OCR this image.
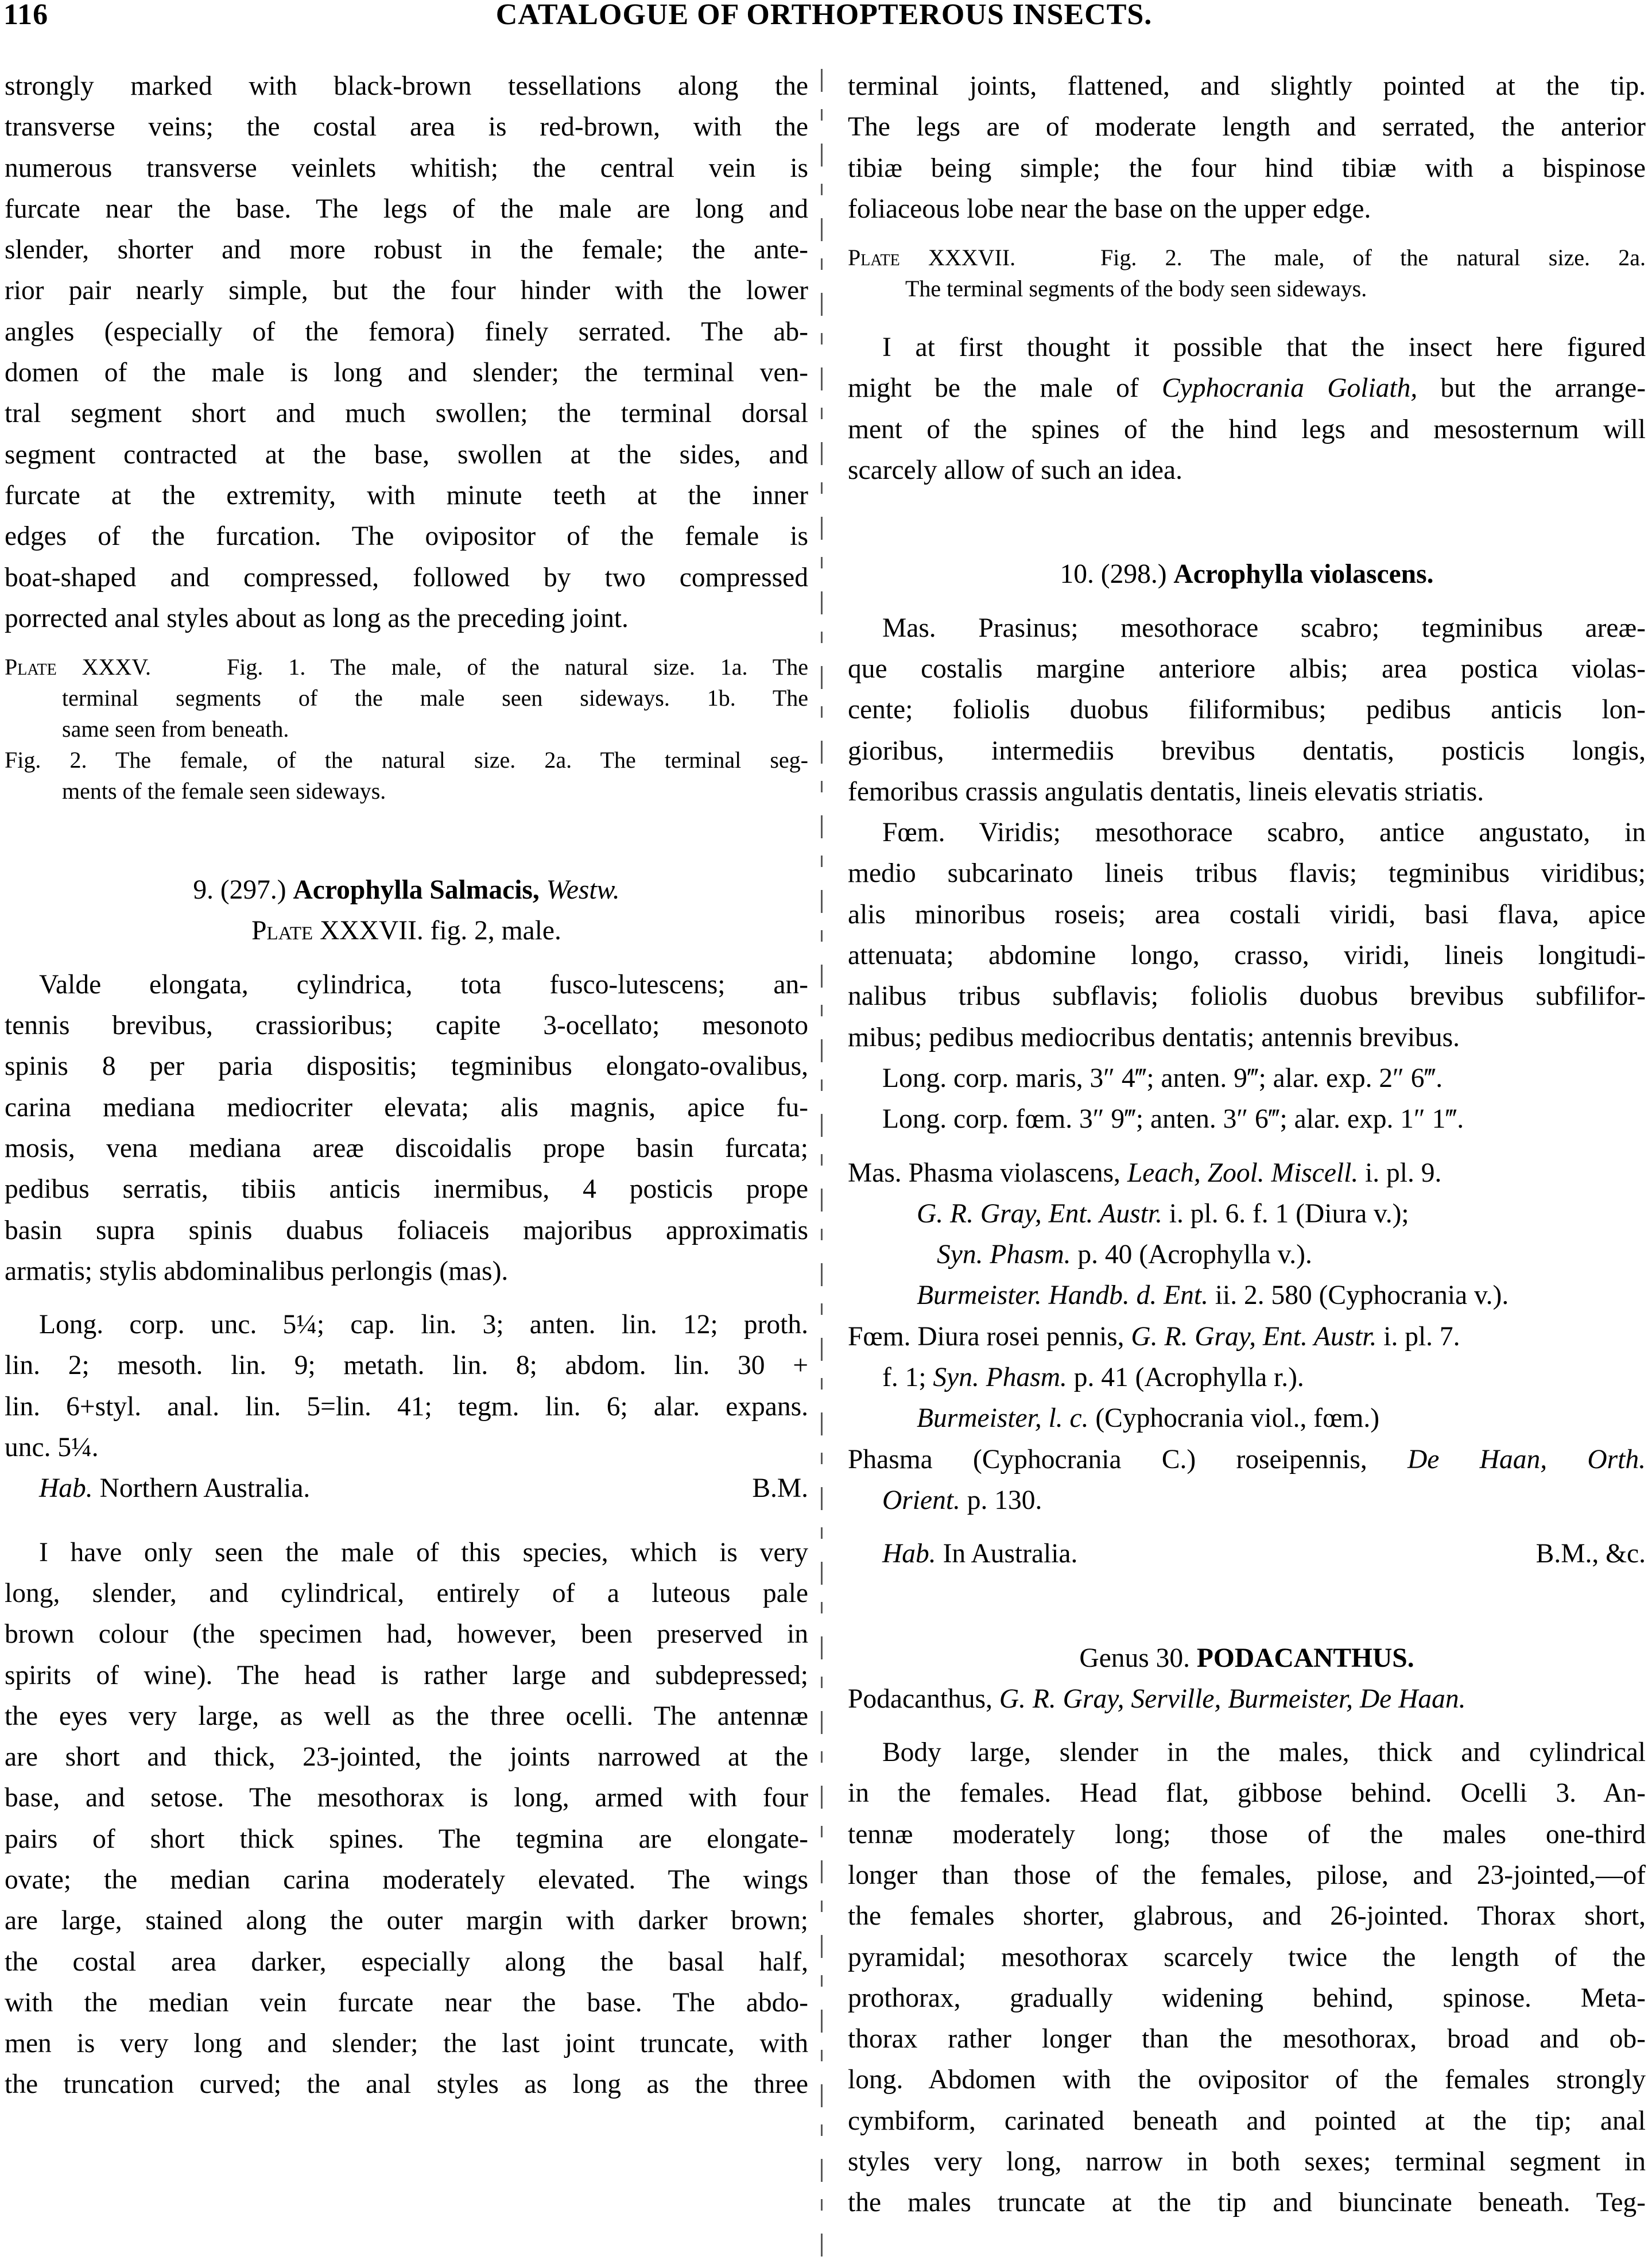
116	CATALOGUE OF ORTHOPTEROUS INSECTS.
strongly marked with black-brown tessellations along the
transverse veins; the costal area is red-brown, with the
numerous transverse veinlets whitish; the central vein is
furcate near the base. The legs of the male are long and
slender, shorter and more robust in the female; the ante-
rior pair nearly simple, but the four hinder with the lower
angles (especially of the femora) finely serrated. The ab-
domen of the male is long and slender; the terminal ven-
tral segment short and much swollen; the terminal dorsal
segment contracted at the base, swollen at the sides, and
furcate at the extremity, with minute teeth at the inner
edges of the furcation. The ovipositor of the female is
boat-shaped and compressed, followed by two compressed
porrected anal styles about as long as the preceding joint.
Plate XXXV.	Fig. 1. The male, of the natural size. 1a. The
terminal segments of the male seen sideways. 1b. The
same seen from beneath.
Fig. 2. The female, of the natural size. 2a. The terminal seg-
ments of the female seen sideways.
9. (297.) Acrophylla Salmacis, Westw.
Plate XXXVII. fig. 2, male.
Valde elongata, cylindrica, tota fusco-lutescens; an-
tennis brevibus, crassioribus; capite 3-ocellato; mesonoto
spinis 8 per paria dispositis; tegminibus elongato-ovalibus,
carina mediana mediocriter elevata; alis magnis, apice fu-
mosis, vena mediana areæ discoidalis prope basin furcata;
pedibus serratis, tibiis anticis inermibus, 4 posticis prope
basin supra spinis duabus foliaceis majoribus approximatis
armatis; stylis abdominalibus perlongis (mas).
Long. corp. unc. 5¼; cap. lin. 3; anten. lin. 12; proth.
lin. 2; mesoth. lin. 9; metath. lin. 8; abdom. lin. 30 +
lin. 6+styl. anal. lin. 5=lin. 41; tegm. lin. 6; alar. expans.
unc. 5¼.
Hab. Northern Australia.	B.M.
I have only seen the male of this species, which is very
long, slender, and cylindrical, entirely of a luteous pale
brown colour (the specimen had, however, been preserved in
spirits of wine). The head is rather large and subdepressed;
the eyes very large, as well as the three ocelli. The antennæ
are short and thick, 23-jointed, the joints narrowed at the
base, and setose. The mesothorax is long, armed with four
pairs of short thick spines. The tegmina are elongate-
ovate; the median carina moderately elevated. The wings
are large, stained along the outer margin with darker brown;
the costal area darker, especially along the basal half,
with the median vein furcate near the base. The abdo-
men is very long and slender; the last joint truncate, with
the truncation curved; the anal styles as long as the three
terminal joints, flattened, and slightly pointed at the tip.
The legs are of moderate length and serrated, the anterior
tibiæ being simple; the four hind tibiæ with a bispinose
foliaceous lobe near the base on the upper edge.
Plate XXXVII.	Fig. 2. The male, of the natural size. 2a.
The terminal segments of the body seen sideways.
I at first thought it possible that the insect here figured
might be the male of Cyphocrania Goliath, but the arrange-
ment of the spines of the hind legs and mesosternum will
scarcely allow of such an idea.
10. (298.) Acrophylla violascens.
Mas. Prasinus; mesothorace scabro; tegminibus areæ-
que costalis margine anteriore albis; area postica violas-
cente; foliolis duobus filiformibus; pedibus anticis lon-
gioribus, intermediis brevibus dentatis, posticis longis,
femoribus crassis angulatis dentatis, lineis elevatis striatis.
Fœm. Viridis; mesothorace scabro, antice angustato, in
medio subcarinato lineis tribus flavis; tegminibus viridibus;
alis minoribus roseis; area costali viridi, basi flava, apice
attenuata; abdomine longo, crasso, viridi, lineis longitudi-
nalibus tribus subflavis; foliolis duobus brevibus subfilifor-
mibus; pedibus mediocribus dentatis; antennis brevibus.
Long. corp. maris, 3″ 4‴; anten. 9‴; alar. exp. 2″ 6‴.
Long. corp. fœm. 3″ 9‴; anten. 3″ 6‴; alar. exp. 1″ 1‴.
Mas. Phasma violascens, Leach, Zool. Miscell. i. pl. 9.
G. R. Gray, Ent. Austr. i. pl. 6. f. 1 (Diura v.);
Syn. Phasm. p. 40 (Acrophylla v.).
Burmeister. Handb. d. Ent. ii. 2. 580 (Cyphocrania v.).
Fœm. Diura rosei pennis, G. R. Gray, Ent. Austr. i. pl. 7.
f. 1; Syn. Phasm. p. 41 (Acrophylla r.).
Burmeister, l. c. (Cyphocrania viol., fœm.)
Phasma (Cyphocrania C.) roseipennis, De Haan, Orth.
Orient. p. 130.
Hab. In Australia.	B.M., &c.
Genus 30. PODACANTHUS.
Podacanthus, G. R. Gray, Serville, Burmeister, De Haan.
Body large, slender in the males, thick and cylindrical
in the females. Head flat, gibbose behind. Ocelli 3. An-
tennæ moderately long; those of the males one-third
longer than those of the females, pilose, and 23-jointed,—of
the females shorter, glabrous, and 26-jointed. Thorax short,
pyramidal; mesothorax scarcely twice the length of the
prothorax, gradually widening behind, spinose. Meta-
thorax rather longer than the mesothorax, broad and ob-
long. Abdomen with the ovipositor of the females strongly
cymbiform, carinated beneath and pointed at the tip; anal
styles very long, narrow in both sexes; terminal segment in
the males truncate at the tip and biuncinate beneath. Teg-
